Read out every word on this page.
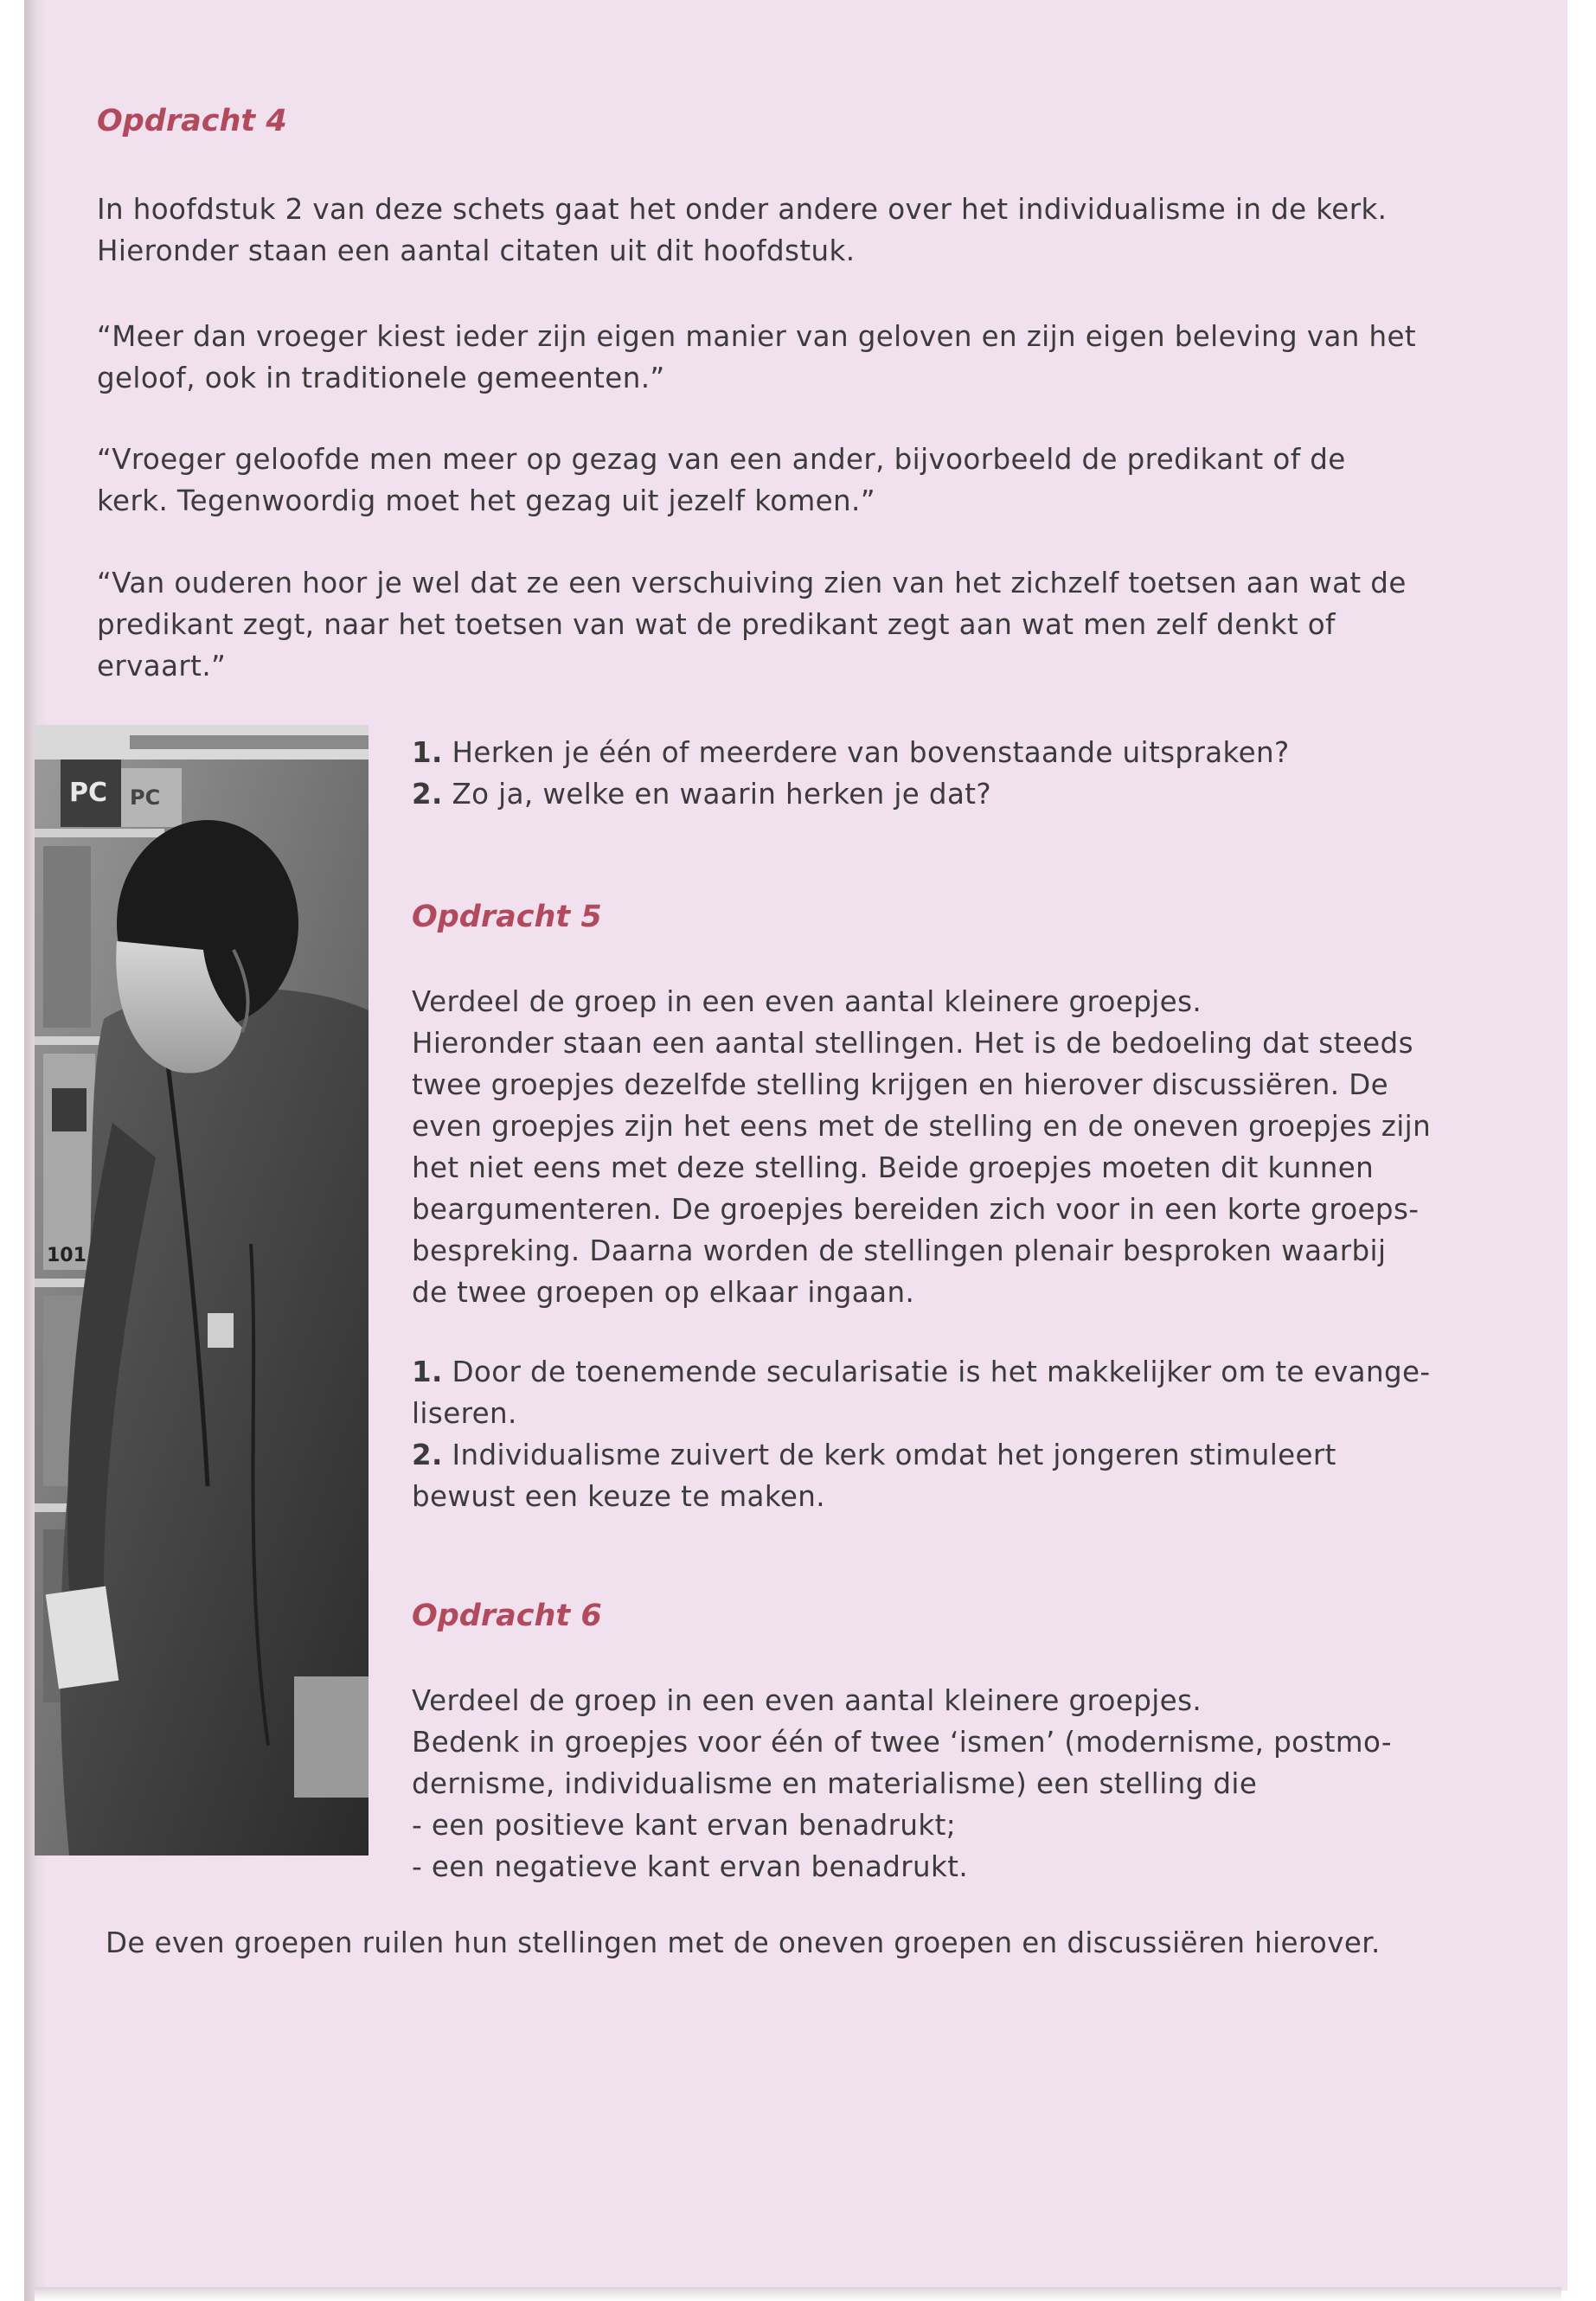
Opdracht 4

In hoofdstuk 2 van deze schets gaat het onder andere over het individualisme in de kerk.

Hieronder staan een aantal citaten uit dit hoofdstuk.

“Meer dan vroeger kiest ieder zijn eigen manier van geloven en zijn eigen beleving van het

geloof, ook in traditionele gemeenten.”

“Vroeger geloofde men meer op gezag van een ander, bijvoorbeeld de predikant of de

kerk. Tegenwoordig moet het gezag uit jezelf komen.”

“Van ouderen hoor je wel dat ze een verschuiving zien van het zichzelf toetsen aan wat de

predikant zegt, naar het toetsen van wat de predikant zegt aan wat men zelf denkt of

ervaart.”

1. Herken je één of meerdere van bovenstaande uitspraken?

2. Zo ja, welke en waarin herken je dat?

Opdracht 5

Verdeel de groep in een even aantal kleinere groepjes.

Hieronder staan een aantal stellingen. Het is de bedoeling dat steeds

twee groepjes dezelfde stelling krijgen en hierover discussiëren. De

even groepjes zijn het eens met de stelling en de oneven groepjes zijn

het niet eens met deze stelling. Beide groepjes moeten dit kunnen

beargumenteren. De groepjes bereiden zich voor in een korte groeps-

bespreking. Daarna worden de stellingen plenair besproken waarbij

de twee groepen op elkaar ingaan.

1. Door de toenemende secularisatie is het makkelijker om te evange-

liseren.

2. Individualisme zuivert de kerk omdat het jongeren stimuleert

bewust een keuze te maken.

Opdracht 6

Verdeel de groep in een even aantal kleinere groepjes.

Bedenk in groepjes voor één of twee ‘ismen’ (modernisme, postmo-

dernisme, individualisme en materialisme) een stelling die

- een positieve kant ervan benadrukt;

- een negatieve kant ervan benadrukt.

De even groepen ruilen hun stellingen met de oneven groepen en discussiëren hierover.

PC PC
101
